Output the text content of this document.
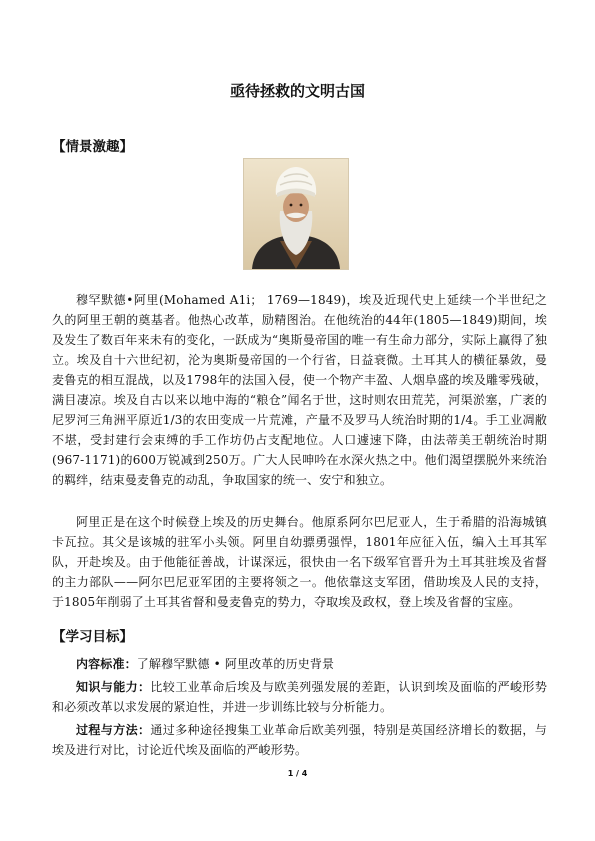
亟待拯救的文明古国
【情景激趣】

穆罕默德•阿里(Mohamed A1i； 1769—1849)，埃及近现代史上延续一个半世纪之久的阿里王朝的奠基者。他热心改革，励精图治。在他统治的44年(1805—1849)期间，埃及发生了数百年来未有的变化，一跃成为“奥斯曼帝国的唯一有生命力部分，实际上赢得了独立。埃及自十六世纪初，沦为奥斯曼帝国的一个行省，日益衰微。土耳其人的横征暴敛，曼麦鲁克的相互混战，以及1798年的法国入侵，使一个物产丰盈、人烟阜盛的埃及雕零残破，满目凄凉。埃及自古以来以地中海的“粮仓”闻名于世，这时则农田荒芜，河渠淤塞，广袤的尼罗河三角洲平原近1/3的农田变成一片荒滩，产量不及罗马人统治时期的1/4。手工业凋敝不堪，受封建行会束缚的手工作坊仍占支配地位。人口遽速下降，由法蒂美王朝统治时期(967-1171)的600万锐减到250万。广大人民呻吟在水深火热之中。他们渴望摆脱外来统治的羁绊，结束曼麦鲁克的动乱，争取国家的统一、安宁和独立。

阿里正是在这个时候登上埃及的历史舞台。他原系阿尔巴尼亚人，生于希腊的沿海城镇卡瓦拉。其父是该城的驻军小头领。阿里自幼骠勇强悍，1801年应征入伍，编入土耳其军队，开赴埃及。由于他能征善战，计谋深远，很快由一名下级军官晋升为土耳其驻埃及省督的主力部队——阿尔巴尼亚军团的主要将领之一。他依靠这支军团，借助埃及人民的支持，于1805年削弱了土耳其省督和曼麦鲁克的势力，夺取埃及政权，登上埃及省督的宝座。

【学习目标】

内容标准：了解穆罕默德 • 阿里改革的历史背景

知识与能力：比较工业革命后埃及与欧美列强发展的差距，认识到埃及面临的严峻形势和必须改革以求发展的紧迫性，并进一步训练比较与分析能力。

过程与方法：通过多种途径搜集工业革命后欧美列强，特别是英国经济增长的数据，与埃及进行对比，讨论近代埃及面临的严峻形势。

1 / 4
